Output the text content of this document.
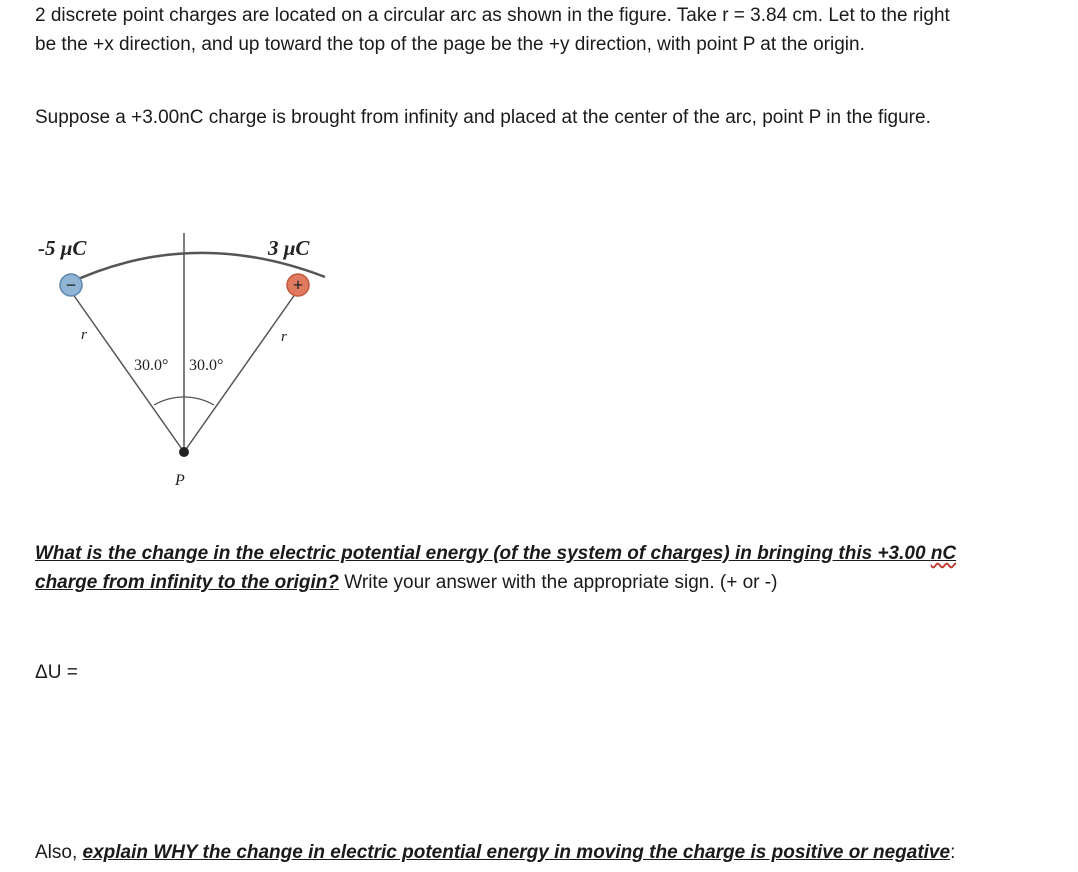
2 discrete point charges are located on a circular arc as shown in the figure. Take r = 3.84 cm. Let to the right be the +x direction, and up toward the top of the page be the +y direction, with point P at the origin.

Suppose a +3.00nC charge is brought from infinity and placed at the center of the arc, point P in the figure.

−	+
-5 μC	3 μC
r	r
30.0° 30.0°
P

What is the change in the electric potential energy (of the system of charges) in bringing this +3.00 nC charge from infinity to the origin? Write your answer with the appropriate sign. (+ or -)

ΔU =

Also, explain WHY the change in electric potential energy in moving the charge is positive or negative:
